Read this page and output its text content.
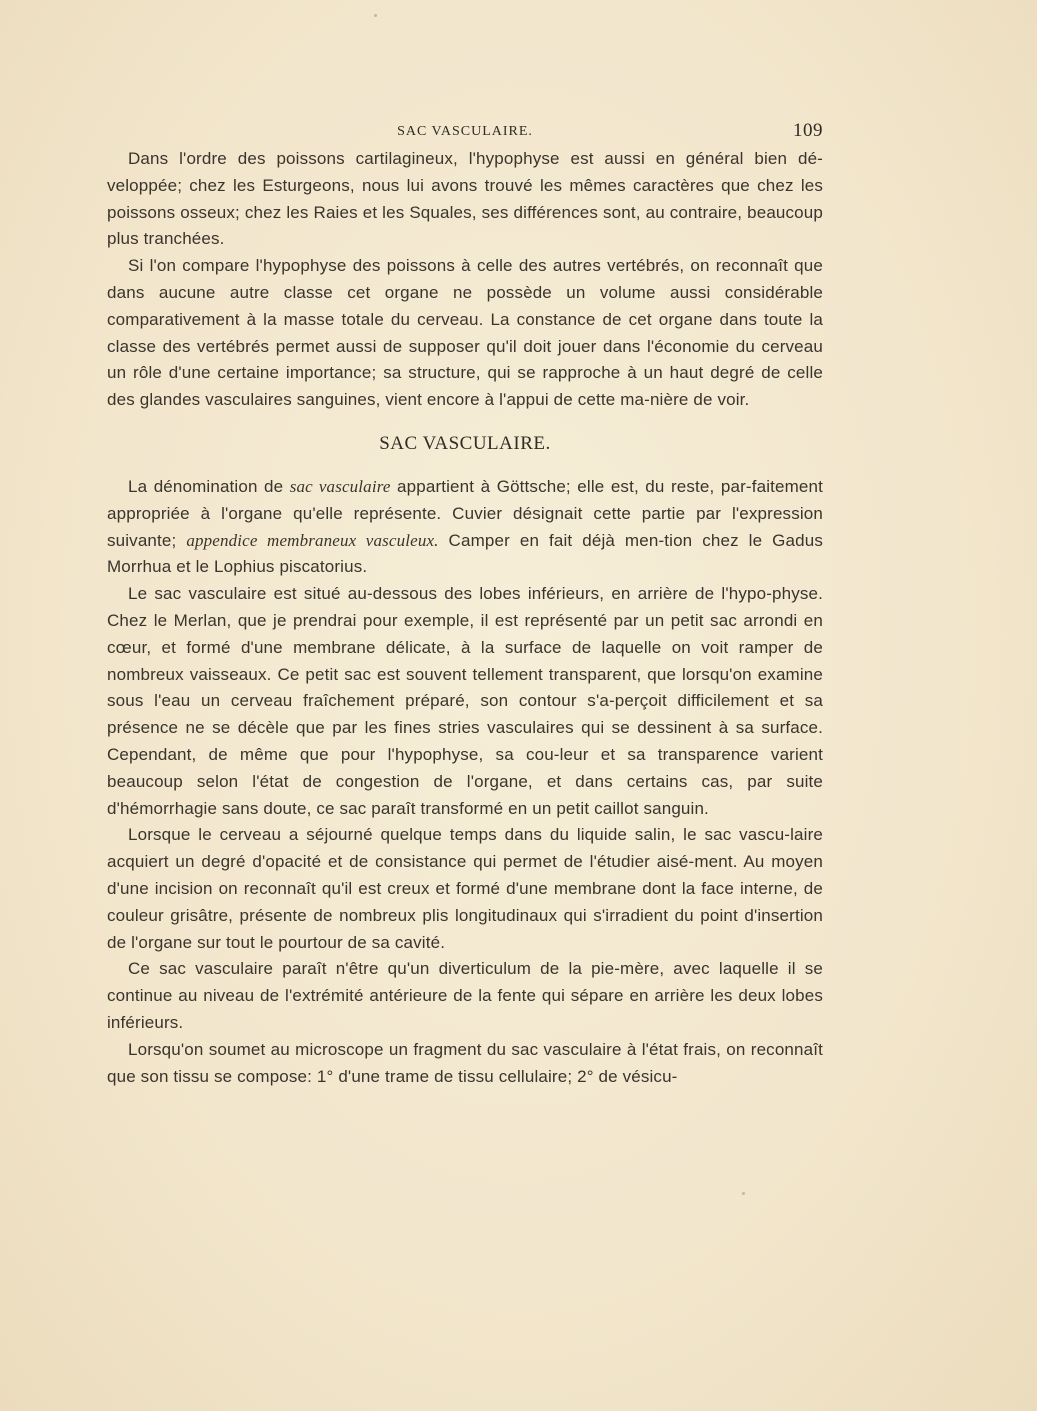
SAC VASCULAIRE.	109

Dans l'ordre des poissons cartilagineux, l'hypophyse est aussi en général bien dé-veloppée; chez les Esturgeons, nous lui avons trouvé les mêmes caractères que chez les poissons osseux; chez les Raies et les Squales, ses différences sont, au contraire, beaucoup plus tranchées.

Si l'on compare l'hypophyse des poissons à celle des autres vertébrés, on reconnaît que dans aucune autre classe cet organe ne possède un volume aussi considérable comparativement à la masse totale du cerveau. La constance de cet organe dans toute la classe des vertébrés permet aussi de supposer qu'il doit jouer dans l'économie du cerveau un rôle d'une certaine importance; sa structure, qui se rapproche à un haut degré de celle des glandes vasculaires sanguines, vient encore à l'appui de cette ma-nière de voir.

SAC VASCULAIRE.

La dénomination de sac vasculaire appartient à Göttsche; elle est, du reste, par-faitement appropriée à l'organe qu'elle représente. Cuvier désignait cette partie par l'expression suivante; appendice membraneux vasculeux. Camper en fait déjà men-tion chez le Gadus Morrhua et le Lophius piscatorius.

Le sac vasculaire est situé au-dessous des lobes inférieurs, en arrière de l'hypo-physe. Chez le Merlan, que je prendrai pour exemple, il est représenté par un petit sac arrondi en cœur, et formé d'une membrane délicate, à la surface de laquelle on voit ramper de nombreux vaisseaux. Ce petit sac est souvent tellement transparent, que lorsqu'on examine sous l'eau un cerveau fraîchement préparé, son contour s'a-perçoit difficilement et sa présence ne se décèle que par les fines stries vasculaires qui se dessinent à sa surface. Cependant, de même que pour l'hypophyse, sa cou-leur et sa transparence varient beaucoup selon l'état de congestion de l'organe, et dans certains cas, par suite d'hémorrhagie sans doute, ce sac paraît transformé en un petit caillot sanguin.

Lorsque le cerveau a séjourné quelque temps dans du liquide salin, le sac vascu-laire acquiert un degré d'opacité et de consistance qui permet de l'étudier aisé-ment. Au moyen d'une incision on reconnaît qu'il est creux et formé d'une membrane dont la face interne, de couleur grisâtre, présente de nombreux plis longitudinaux qui s'irradient du point d'insertion de l'organe sur tout le pourtour de sa cavité.

Ce sac vasculaire paraît n'être qu'un diverticulum de la pie-mère, avec laquelle il se continue au niveau de l'extrémité antérieure de la fente qui sépare en arrière les deux lobes inférieurs.

Lorsqu'on soumet au microscope un fragment du sac vasculaire à l'état frais, on reconnaît que son tissu se compose: 1° d'une trame de tissu cellulaire; 2° de vésicu-
